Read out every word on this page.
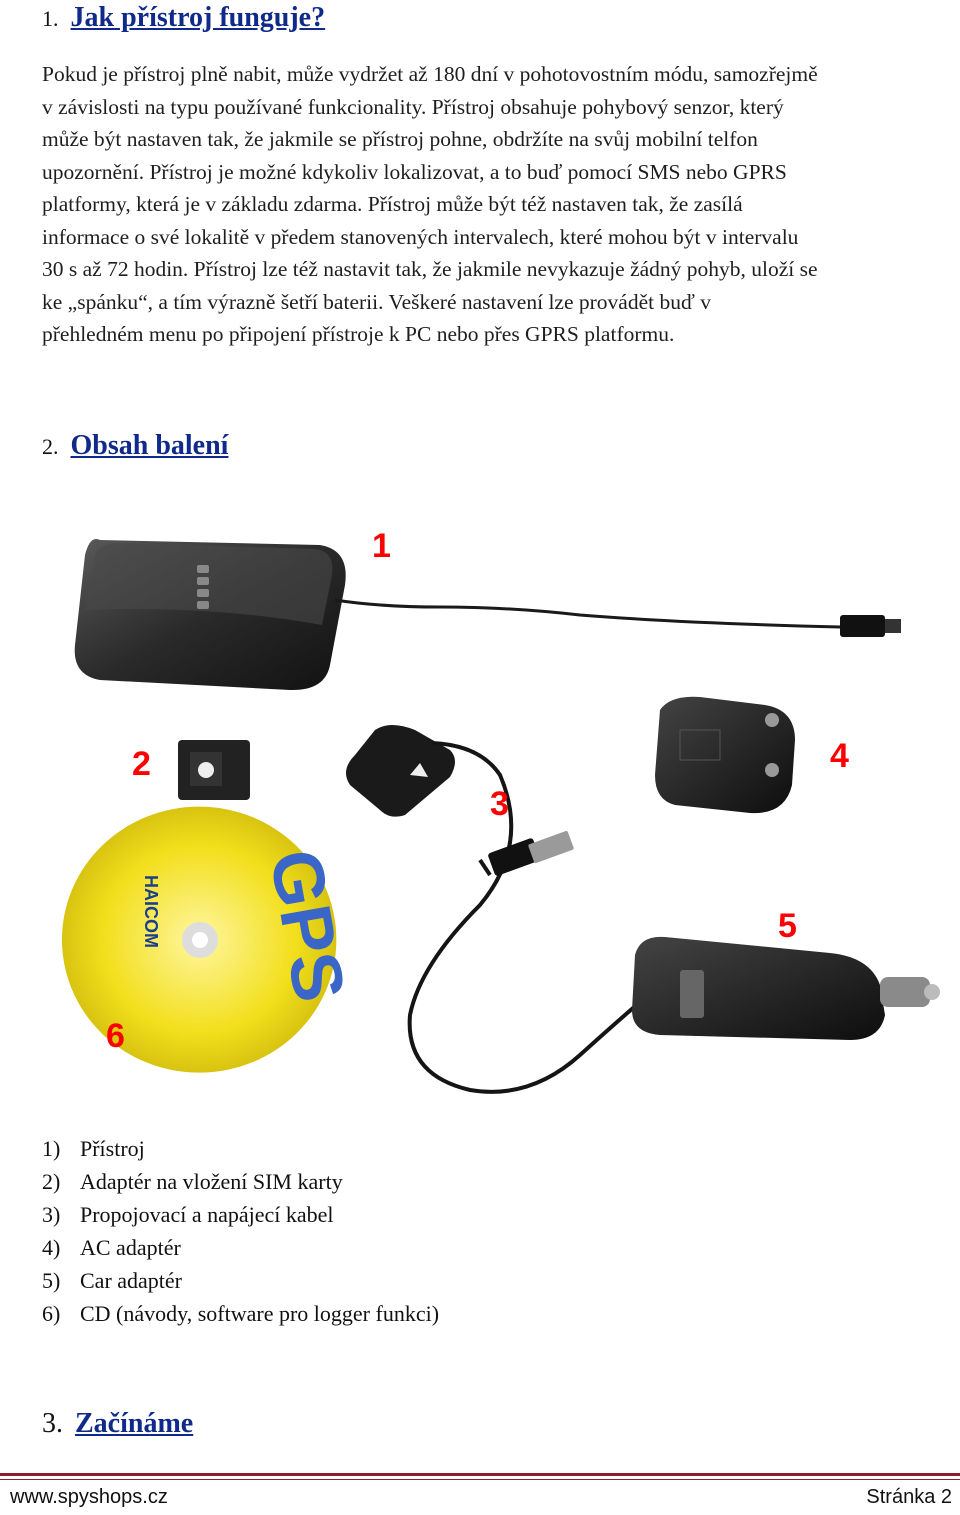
1. Jak přístroj funguje?
Pokud je přístroj plně nabit, může vydržet až 180 dní v pohotovostním módu, samozřejmě
v závislosti na typu používané funkcionality. Přístroj obsahuje pohybový senzor, který
může být nastaven tak, že jakmile se přístroj pohne, obdržíte na svůj mobilní telfon
upozornění. Přístroj je možné kdykoliv lokalizovat, a to buď pomocí SMS nebo GPRS
platformy, která je v základu zdarma. Přístroj může být též nastaven tak, že zasílá
informace o své lokalitě v předem stanovených intervalech, které mohou být v intervalu
30 s až 72 hodin. Přístroj lze též nastavit tak, že jakmile nevykazuje žádný pohyb, uloží se
ke „spánku“, a tím výrazně šetří baterii. Veškeré nastavení lze provádět buď v
přehledném menu po připojení přístroje k PC nebo přes GPRS platformu.
2. Obsah balení
1
2
3
4
5
HAICOM GPS
6
1) Přístroj
2) Adaptér na vložení SIM karty
3) Propojovací a napájecí kabel
4) AC adaptér
5) Car adaptér
6) CD (návody, software pro logger funkci)
3. Začínáme
www.spyshops.cz	Stránka 2
